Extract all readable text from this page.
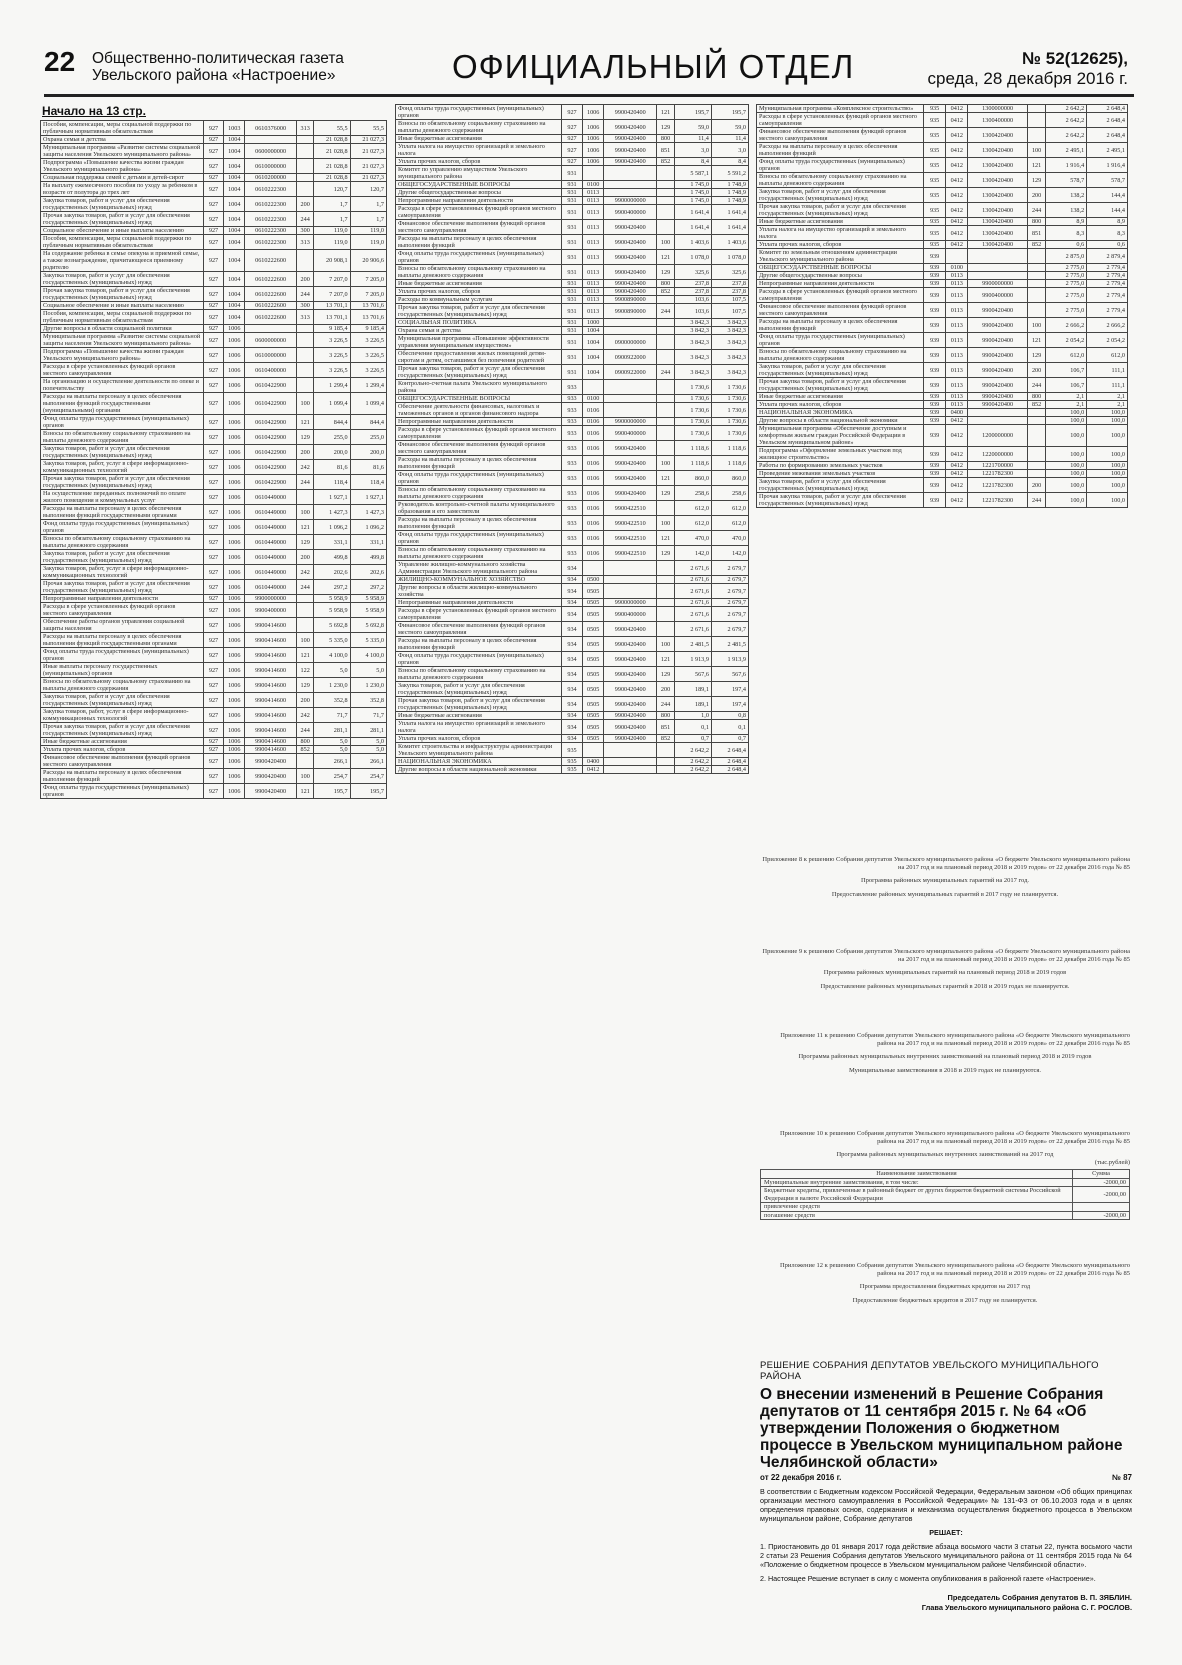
22 Общественно-политическая газета
Увельского района «Настроение»	ОФИЦИАЛЬНЫЙ ОТДЕЛ	№ 52(12625),
среда, 28 декабря 2016 г.
Начало на 13 стр.
Пособия, компенсации, меры социальной поддержки по публичным нормативным обязательствам	927	1003	0610376000	313	55,5	55,5
Охрана семьи и детства	927	1004			21 028,8	21 027,3
Муниципальная программа «Развитие системы социальной защиты населения Увельского муниципального района»	927	1004	0600000000		21 028,8	21 027,3
Подпрограмма «Повышение качества жизни граждан Увельского муниципального района»	927	1004	0610000000		21 028,8	21 027,3
Социальная поддержка семей с детьми и детей-сирот	927	1004	0610200000		21 028,8	21 027,3
На выплату ежемесячного пособия по уходу за ребенком в возрасте от полутора до трех лет	927	1004	0610222300		120,7	120,7
Закупка товаров, работ и услуг для обеспечения государственных (муниципальных) нужд	927	1004	0610222300	200	1,7	1,7
Прочая закупка товаров, работ и услуг для обеспечения государственных (муниципальных) нужд	927	1004	0610222300	244	1,7	1,7
Социальное обеспечение и иные выплаты населению	927	1004	0610222300	300	119,0	119,0
Пособия, компенсации, меры социальной поддержки по публичным нормативным обязательствам	927	1004	0610222300	313	119,0	119,0
На содержание ребенка в семье опекуна и приемной семье, а также вознаграждение, причитающееся приемному родителю	927	1004	0610222600		20 908,1	20 906,6
Закупка товаров, работ и услуг для обеспечения государственных (муниципальных) нужд	927	1004	0610222600	200	7 207,0	7 205,0
Прочая закупка товаров, работ и услуг для обеспечения государственных (муниципальных) нужд	927	1004	0610222600	244	7 207,0	7 205,0
Социальное обеспечение и иные выплаты населению	927	1004	0610222600	300	13 701,1	13 701,6
Пособия, компенсации, меры социальной поддержки по публичным нормативным обязательствам	927	1004	0610222600	313	13 701,1	13 701,6
Другие вопросы в области социальной политики	927	1006			9 185,4	9 185,4
Муниципальная программа «Развитие системы социальной защиты населения Увельского муниципального района»	927	1006	0600000000		3 226,5	3 226,5
Подпрограмма «Повышение качества жизни граждан Увельского муниципального района»	927	1006	0610000000		3 226,5	3 226,5
Расходы в сфере установленных функций органов местного самоуправления	927	1006	0610400000		3 226,5	3 226,5
На организацию и осуществление деятельности по опеке и попечительству	927	1006	0610422900		1 299,4	1 299,4
Расходы на выплаты персоналу в целях обеспечения выполнения функций государственными (муниципальными) органами	927	1006	0610422900	100	1 099,4	1 099,4
Фонд оплаты труда государственных (муниципальных) органов	927	1006	0610422900	121	844,4	844,4
Взносы по обязательному социальному страхованию на выплаты денежного содержания	927	1006	0610422900	129	255,0	255,0
Закупка товаров, работ и услуг для обеспечения государственных (муниципальных) нужд	927	1006	0610422900	200	200,0	200,0
Закупка товаров, работ, услуг в сфере информационно-коммуникационных технологий	927	1006	0610422900	242	81,6	81,6
Прочая закупка товаров, работ и услуг для обеспечения государственных (муниципальных) нужд	927	1006	0610422900	244	118,4	118,4
На осуществление переданных полномочий по оплате жилого помещения и коммунальных услуг	927	1006	0610449000		1 927,1	1 927,1
Расходы на выплаты персоналу в целях обеспечения выполнения функций государственными органами	927	1006	0610449000	100	1 427,3	1 427,3
Фонд оплаты труда государственных (муниципальных) органов	927	1006	0610449000	121	1 096,2	1 096,2
Взносы по обязательному социальному страхованию на выплаты денежного содержания	927	1006	0610449000	129	331,1	331,1
Закупка товаров, работ и услуг для обеспечения государственных (муниципальных) нужд	927	1006	0610449000	200	499,8	499,8
Закупка товаров, работ, услуг в сфере информационно-коммуникационных технологий	927	1006	0610449000	242	202,6	202,6
Прочая закупка товаров, работ и услуг для обеспечения государственных (муниципальных) нужд	927	1006	0610449000	244	297,2	297,2
Непрограммные направления деятельности	927	1006	9900000000		5 958,9	5 958,9
Расходы в сфере установленных функций органов местного самоуправления	927	1006	9900400000		5 958,9	5 958,9
Обеспечение работы органов управления социальной защиты населения	927	1006	9900414600		5 692,8	5 692,8
Расходы на выплаты персоналу в целях обеспечения выполнения функций государственными органами	927	1006	9900414600	100	5 335,0	5 335,0
Фонд оплаты труда государственных (муниципальных) органов	927	1006	9900414600	121	4 100,0	4 100,0
Иные выплаты персоналу государственных (муниципальных) органов	927	1006	9900414600	122	5,0	5,0
Взносы по обязательному социальному страхованию на выплаты денежного содержания	927	1006	9900414600	129	1 230,0	1 230,0
Закупка товаров, работ и услуг для обеспечения государственных (муниципальных) нужд	927	1006	9900414600	200	352,8	352,8
Закупка товаров, работ, услуг в сфере информационно-коммуникационных технологий	927	1006	9900414600	242	71,7	71,7
Прочая закупка товаров, работ и услуг для обеспечения государственных (муниципальных) нужд	927	1006	9900414600	244	281,1	281,1
Иные бюджетные ассигнования	927	1006	9900414600	800	5,0	5,0
Уплата прочих налогов, сборов	927	1006	9900414600	852	5,0	5,0
Финансовое обеспечение выполнения функций органов местного самоуправления	927	1006	9900420400		266,1	266,1
Расходы на выплаты персоналу в целях обеспечения выполнения функций	927	1006	9900420400	100	254,7	254,7
Фонд оплаты труда государственных (муниципальных) органов	927	1006	9900420400	121	195,7	195,7
Фонд оплаты труда государственных (муниципальных) органов	927	1006	9900420400	121	195,7	195,7
Взносы по обязательному социальному страхованию на выплаты денежного содержания	927	1006	9900420400	129	59,0	59,0
Иные бюджетные ассигнования	927	1006	9900420400	800	11,4	11,4
Уплата налога на имущество организаций и земельного налога	927	1006	9900420400	851	3,0	3,0
Уплата прочих налогов, сборов	927	1006	9900420400	852	8,4	8,4
Комитет по управлению имуществом Увельского муниципального района	931				5 587,1	5 591,2
ОБЩЕГОСУДАРСТВЕННЫЕ ВОПРОСЫ	931	0100			1 745,0	1 748,9
Другие общегосударственные вопросы	931	0113			1 745,0	1 748,9
Непрограммные направления деятельности	931	0113	9900000000		1 745,0	1 748,9
Расходы в сфере установленных функций органов местного самоуправления	931	0113	9900400000		1 641,4	1 641,4
Финансовое обеспечение выполнения функций органов местного самоуправления	931	0113	9900420400		1 641,4	1 641,4
Расходы на выплаты персоналу в целях обеспечения выполнения функций	931	0113	9900420400	100	1 403,6	1 403,6
Фонд оплаты труда государственных (муниципальных) органов	931	0113	9900420400	121	1 078,0	1 078,0
Взносы по обязательному социальному страхованию на выплаты денежного содержания	931	0113	9900420400	129	325,6	325,6
Иные бюджетные ассигнования	931	0113	9900420400	800	237,8	237,8
Уплата прочих налогов, сборов	931	0113	9900420400	852	237,8	237,8
Расходы по коммунальным услугам	931	0113	9900890000		103,6	107,5
Прочая закупка товаров, работ и услуг для обеспечения государственных (муниципальных) нужд	931	0113	9900890000	244	103,6	107,5
СОЦИАЛЬНАЯ ПОЛИТИКА	931	1000			3 842,3	3 842,3
Охрана семьи и детства	931	1004			3 842,3	3 842,3
Муниципальная программа «Повышение эффективности управления муниципальным имуществом»	931	1004	0900000000		3 842,3	3 842,3
Обеспечение предоставления жилых помещений детям-сиротам и детям, оставшимся без попечения родителей	931	1004	0900922000		3 842,3	3 842,3
Прочая закупка товаров, работ и услуг для обеспечения государственных (муниципальных) нужд	931	1004	0900922000	244	3 842,3	3 842,3
Контрольно-счетная палата Увельского муниципального района	933				1 730,6	1 730,6
ОБЩЕГОСУДАРСТВЕННЫЕ ВОПРОСЫ	933	0100			1 730,6	1 730,6
Обеспечение деятельности финансовых, налоговых и таможенных органов и органов финансового надзора	933	0106			1 730,6	1 730,6
Непрограммные направления деятельности	933	0106	9900000000		1 730,6	1 730,6
Расходы в сфере установленных функций органов местного самоуправления	933	0106	9900400000		1 730,6	1 730,6
Финансовое обеспечение выполнения функций органов местного самоуправления	933	0106	9900420400		1 118,6	1 118,6
Расходы на выплаты персоналу в целях обеспечения выполнения функций	933	0106	9900420400	100	1 118,6	1 118,6
Фонд оплаты труда государственных (муниципальных) органов	933	0106	9900420400	121	860,0	860,0
Взносы по обязательному социальному страхованию на выплаты денежного содержания	933	0106	9900420400	129	258,6	258,6
Руководитель контрольно-счетной палаты муниципального образования и его заместители	933	0106	9900422510		612,0	612,0
Расходы на выплаты персоналу в целях обеспечения выполнения функций	933	0106	9900422510	100	612,0	612,0
Фонд оплаты труда государственных (муниципальных) органов	933	0106	9900422510	121	470,0	470,0
Взносы по обязательному социальному страхованию на выплаты денежного содержания	933	0106	9900422510	129	142,0	142,0
Управление жилищно-коммунального хозяйства Администрации Увельского муниципального района	934				2 671,6	2 679,7
ЖИЛИЩНО-КОММУНАЛЬНОЕ ХОЗЯЙСТВО	934	0500			2 671,6	2 679,7
Другие вопросы в области жилищно-коммунального хозяйства	934	0505			2 671,6	2 679,7
Непрограммные направления деятельности	934	0505	9900000000		2 671,6	2 679,7
Расходы в сфере установленных функций органов местного самоуправления	934	0505	9900400000		2 671,6	2 679,7
Финансовое обеспечение выполнения функций органов местного самоуправления	934	0505	9900420400		2 671,6	2 679,7
Расходы на выплаты персоналу в целях обеспечения выполнения функций	934	0505	9900420400	100	2 481,5	2 481,5
Фонд оплаты труда государственных (муниципальных) органов	934	0505	9900420400	121	1 913,9	1 913,9
Взносы по обязательному социальному страхованию на выплаты денежного содержания	934	0505	9900420400	129	567,6	567,6
Закупка товаров, работ и услуг для обеспечения государственных (муниципальных) нужд	934	0505	9900420400	200	189,1	197,4
Прочая закупка товаров, работ и услуг для обеспечения государственных (муниципальных) нужд	934	0505	9900420400	244	189,1	197,4
Иные бюджетные ассигнования	934	0505	9900420400	800	1,0	0,8
Уплата налога на имущество организаций и земельного налога	934	0505	9900420400	851	0,1	0,1
Уплата прочих налогов, сборов	934	0505	9900420400	852	0,7	0,7
Комитет строительства и инфраструктуры администрации Увельского муниципального района	935				2 642,2	2 648,4
НАЦИОНАЛЬНАЯ ЭКОНОМИКА	935	0400			2 642,2	2 648,4
Другие вопросы в области национальной экономики	935	0412			2 642,2	2 648,4
Муниципальная программа «Комплексное строительство»	935	0412	1300000000		2 642,2	2 648,4
Расходы в сфере установленных функций органов местного самоуправления	935	0412	1300400000		2 642,2	2 648,4
Финансовое обеспечение выполнения функций органов местного самоуправления	935	0412	1300420400		2 642,2	2 648,4
Расходы на выплаты персоналу в целях обеспечения выполнения функций	935	0412	1300420400	100	2 495,1	2 495,1
Фонд оплаты труда государственных (муниципальных) органов	935	0412	1300420400	121	1 916,4	1 916,4
Взносы по обязательному социальному страхованию на выплаты денежного содержания	935	0412	1300420400	129	578,7	578,7
Закупка товаров, работ и услуг для обеспечения государственных (муниципальных) нужд	935	0412	1300420400	200	138,2	144,4
Прочая закупка товаров, работ и услуг для обеспечения государственных (муниципальных) нужд	935	0412	1300420400	244	138,2	144,4
Иные бюджетные ассигнования	935	0412	1300420400	800	8,9	8,9
Уплата налога на имущество организаций и земельного налога	935	0412	1300420400	851	8,3	8,3
Уплата прочих налогов, сборов	935	0412	1300420400	852	0,6	0,6
Комитет по земельным отношениям администрации Увельского муниципального района	939				2 875,0	2 879,4
ОБЩЕГОСУДАРСТВЕННЫЕ ВОПРОСЫ	939	0100			2 775,0	2 779,4
Другие общегосударственные вопросы	939	0113			2 775,0	2 779,4
Непрограммные направления деятельности	939	0113	9900000000		2 775,0	2 779,4
Расходы в сфере установленных функций органов местного самоуправления	939	0113	9900400000		2 775,0	2 779,4
Финансовое обеспечение выполнения функций органов местного самоуправления	939	0113	9900420400		2 775,0	2 779,4
Расходы на выплаты персоналу в целях обеспечения выполнения функций	939	0113	9900420400	100	2 666,2	2 666,2
Фонд оплаты труда государственных (муниципальных) органов	939	0113	9900420400	121	2 054,2	2 054,2
Взносы по обязательному социальному страхованию на выплаты денежного содержания	939	0113	9900420400	129	612,0	612,0
Закупка товаров, работ и услуг для обеспечения государственных (муниципальных) нужд	939	0113	9900420400	200	106,7	111,1
Прочая закупка товаров, работ и услуг для обеспечения государственных (муниципальных) нужд	939	0113	9900420400	244	106,7	111,1
Иные бюджетные ассигнования	939	0113	9900420400	800	2,1	2,1
Уплата прочих налогов, сборов	939	0113	9900420400	852	2,1	2,1
НАЦИОНАЛЬНАЯ ЭКОНОМИКА	939	0400			100,0	100,0
Другие вопросы в области национальной экономики	939	0412			100,0	100,0
Муниципальная программа «Обеспечение доступным и комфортным жильем граждан Российской Федерации в Увельском муниципальном районе»	939	0412	1200000000		100,0	100,0
Подпрограмма «Оформление земельных участков под жилищное строительство»	939	0412	1220000000		100,0	100,0
Работы по формированию земельных участков	939	0412	1221700000		100,0	100,0
Проведение межевания земельных участков	939	0412	1221782300		100,0	100,0
Закупка товаров, работ и услуг для обеспечения государственных (муниципальных) нужд	939	0412	1221782300	200	100,0	100,0
Прочая закупка товаров, работ и услуг для обеспечения государственных (муниципальных) нужд	939	0412	1221782300	244	100,0	100,0
Приложение 8 к решению Собрания депутатов Увельского муниципального района «О бюджете Увельского муниципального района на 2017 год и на плановый период 2018 и 2019 годов» от 22 декабря 2016 года № 85
Программа районных муниципальных гарантий на 2017 год.
Предоставление районных муниципальных гарантий в 2017 году не планируется.
Приложение 9 к решению Собрания депутатов Увельского муниципального района «О бюджете Увельского муниципального района на 2017 год и на плановый период 2018 и 2019 годов» от 22 декабря 2016 года № 85
Программа районных муниципальных гарантий на плановый период 2018 и 2019 годов
Предоставление районных муниципальных гарантий в 2018 и 2019 годах не планируется.
Приложение 11 к решению Собрания депутатов Увельского муниципального района «О бюджете Увельского муниципального района на 2017 год и на плановый период 2018 и 2019 годов» от 22 декабря 2016 года № 85
Программа районных муниципальных внутренних заимствований на плановый период 2018 и 2019 годов
Муниципальные заимствования в 2018 и 2019 годах не планируются.
Приложение 10 к решению Собрания депутатов Увельского муниципального района «О бюджете Увельского муниципального района на 2017 год и на плановый период 2018 и 2019 годов» от 22 декабря 2016 года № 85
Программа районных муниципальных внутренних заимствований на 2017 год
(тыс.рублей)
Наименование заимствования	Сумма
Муниципальные внутренние заимствования, в том числе:	-2000,00
Бюджетные кредиты, привлеченные в районный бюджет от других бюджетов бюджетной системы Российской Федерации в валюте Российской Федерации	-2000,00
привлечение средств	
погашение средств	-2000,00
Приложение 12 к решению Собрания депутатов Увельского муниципального района «О бюджете Увельского муниципального района на 2017 год и на плановый период 2018 и 2019 годов» от 22 декабря 2016 года № 85
Программа предоставления бюджетных кредитов на 2017 год
Предоставление бюджетных кредитов в 2017 году не планируется.
РЕШЕНИЕ СОБРАНИЯ ДЕПУТАТОВ УВЕЛЬСКОГО МУНИЦИПАЛЬНОГО РАЙОНА
О внесении изменений в Решение Собрания депутатов от 11 сентября 2015 г. № 64 «Об утверждении Положения о бюджетном процессе в Увельском муниципальном районе Челябинской области»
от 22 декабря 2016 г.	№ 87

В соответствии с Бюджетным кодексом Российской Федерации, Федеральным законом «Об общих принципах организации местного самоуправления в Российской Федерации» № 131-ФЗ от 06.10.2003 года и в целях определения правовых основ, содержания и механизма осуществления бюджетного процесса в Увельском муниципальном районе, Собрание депутатов

РЕШАЕТ:

1. Приостановить до 01 января 2017 года действие абзаца восьмого части 3 статьи 22, пункта восьмого части 2 статьи 23 Решения Собрания депутатов Увельского муниципального района от 11 сентября 2015 года № 64 «Положение о бюджетном процессе в Увельском муниципальном районе Челябинской области».

2. Настоящее Решение вступает в силу с момента опубликования в районной газете «Настроение».

Председатель Собрания депутатов В. П. ЗЯБЛИН.
Глава Увельского муниципального района С. Г. РОСЛОВ.
